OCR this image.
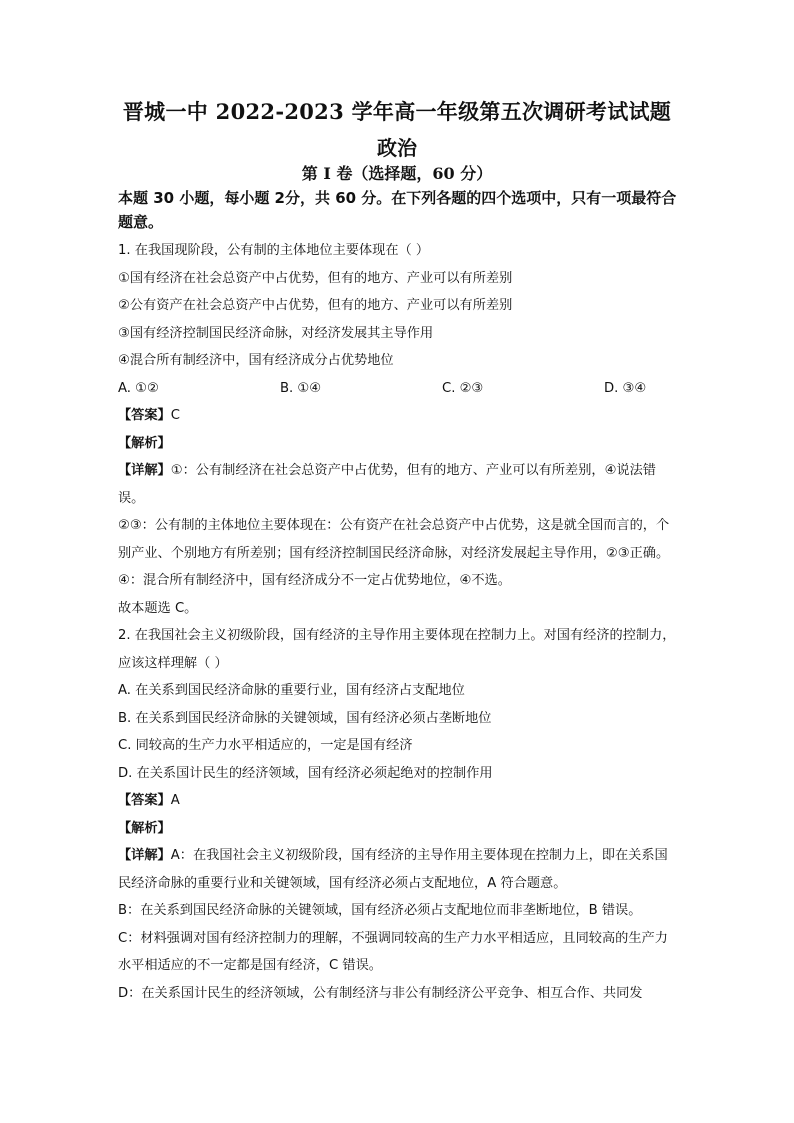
晋城一中 2022-2023 学年高一年级第五次调研考试试题
政治
第 I 卷（选择题，60 分）
本题 30 小题，每小题 2分，共 60 分。在下列各题的四个选项中，只有一项最符合题意。
1. 在我国现阶段，公有制的主体地位主要体现在（ ）
①国有经济在社会总资产中占优势，但有的地方、产业可以有所差别
②公有资产在社会总资产中占优势，但有的地方、产业可以有所差别
③国有经济控制国民经济命脉，对经济发展其主导作用
④混合所有制经济中，国有经济成分占优势地位
A. ①②	B. ①④	C. ②③	D. ③④
【答案】C
【解析】
【详解】①：公有制经济在社会总资产中占优势，但有的地方、产业可以有所差别，④说法错误。
②③：公有制的主体地位主要体现在：公有资产在社会总资产中占优势，这是就全国而言的，个别产业、个别地方有所差别；国有经济控制国民经济命脉，对经济发展起主导作用，②③正确。
④：混合所有制经济中，国有经济成分不一定占优势地位，④不选。
故本题选 C。
2. 在我国社会主义初级阶段，国有经济的主导作用主要体现在控制力上。对国有经济的控制力，应该这样理解（ ）
A. 在关系到国民经济命脉的重要行业，国有经济占支配地位
B. 在关系到国民经济命脉的关键领域，国有经济必须占垄断地位
C. 同较高的生产力水平相适应的，一定是国有经济
D. 在关系国计民生的经济领域，国有经济必须起绝对的控制作用
【答案】A
【解析】
【详解】A：在我国社会主义初级阶段，国有经济的主导作用主要体现在控制力上，即在关系国民经济命脉的重要行业和关键领域，国有经济必须占支配地位，A 符合题意。
B：在关系到国民经济命脉的关键领域，国有经济必须占支配地位而非垄断地位，B 错误。
C：材料强调对国有经济控制力的理解，不强调同较高的生产力水平相适应，且同较高的生产力水平相适应的不一定都是国有经济，C 错误。
D：在关系国计民生的经济领域，公有制经济与非公有制经济公平竞争、相互合作、共同发
